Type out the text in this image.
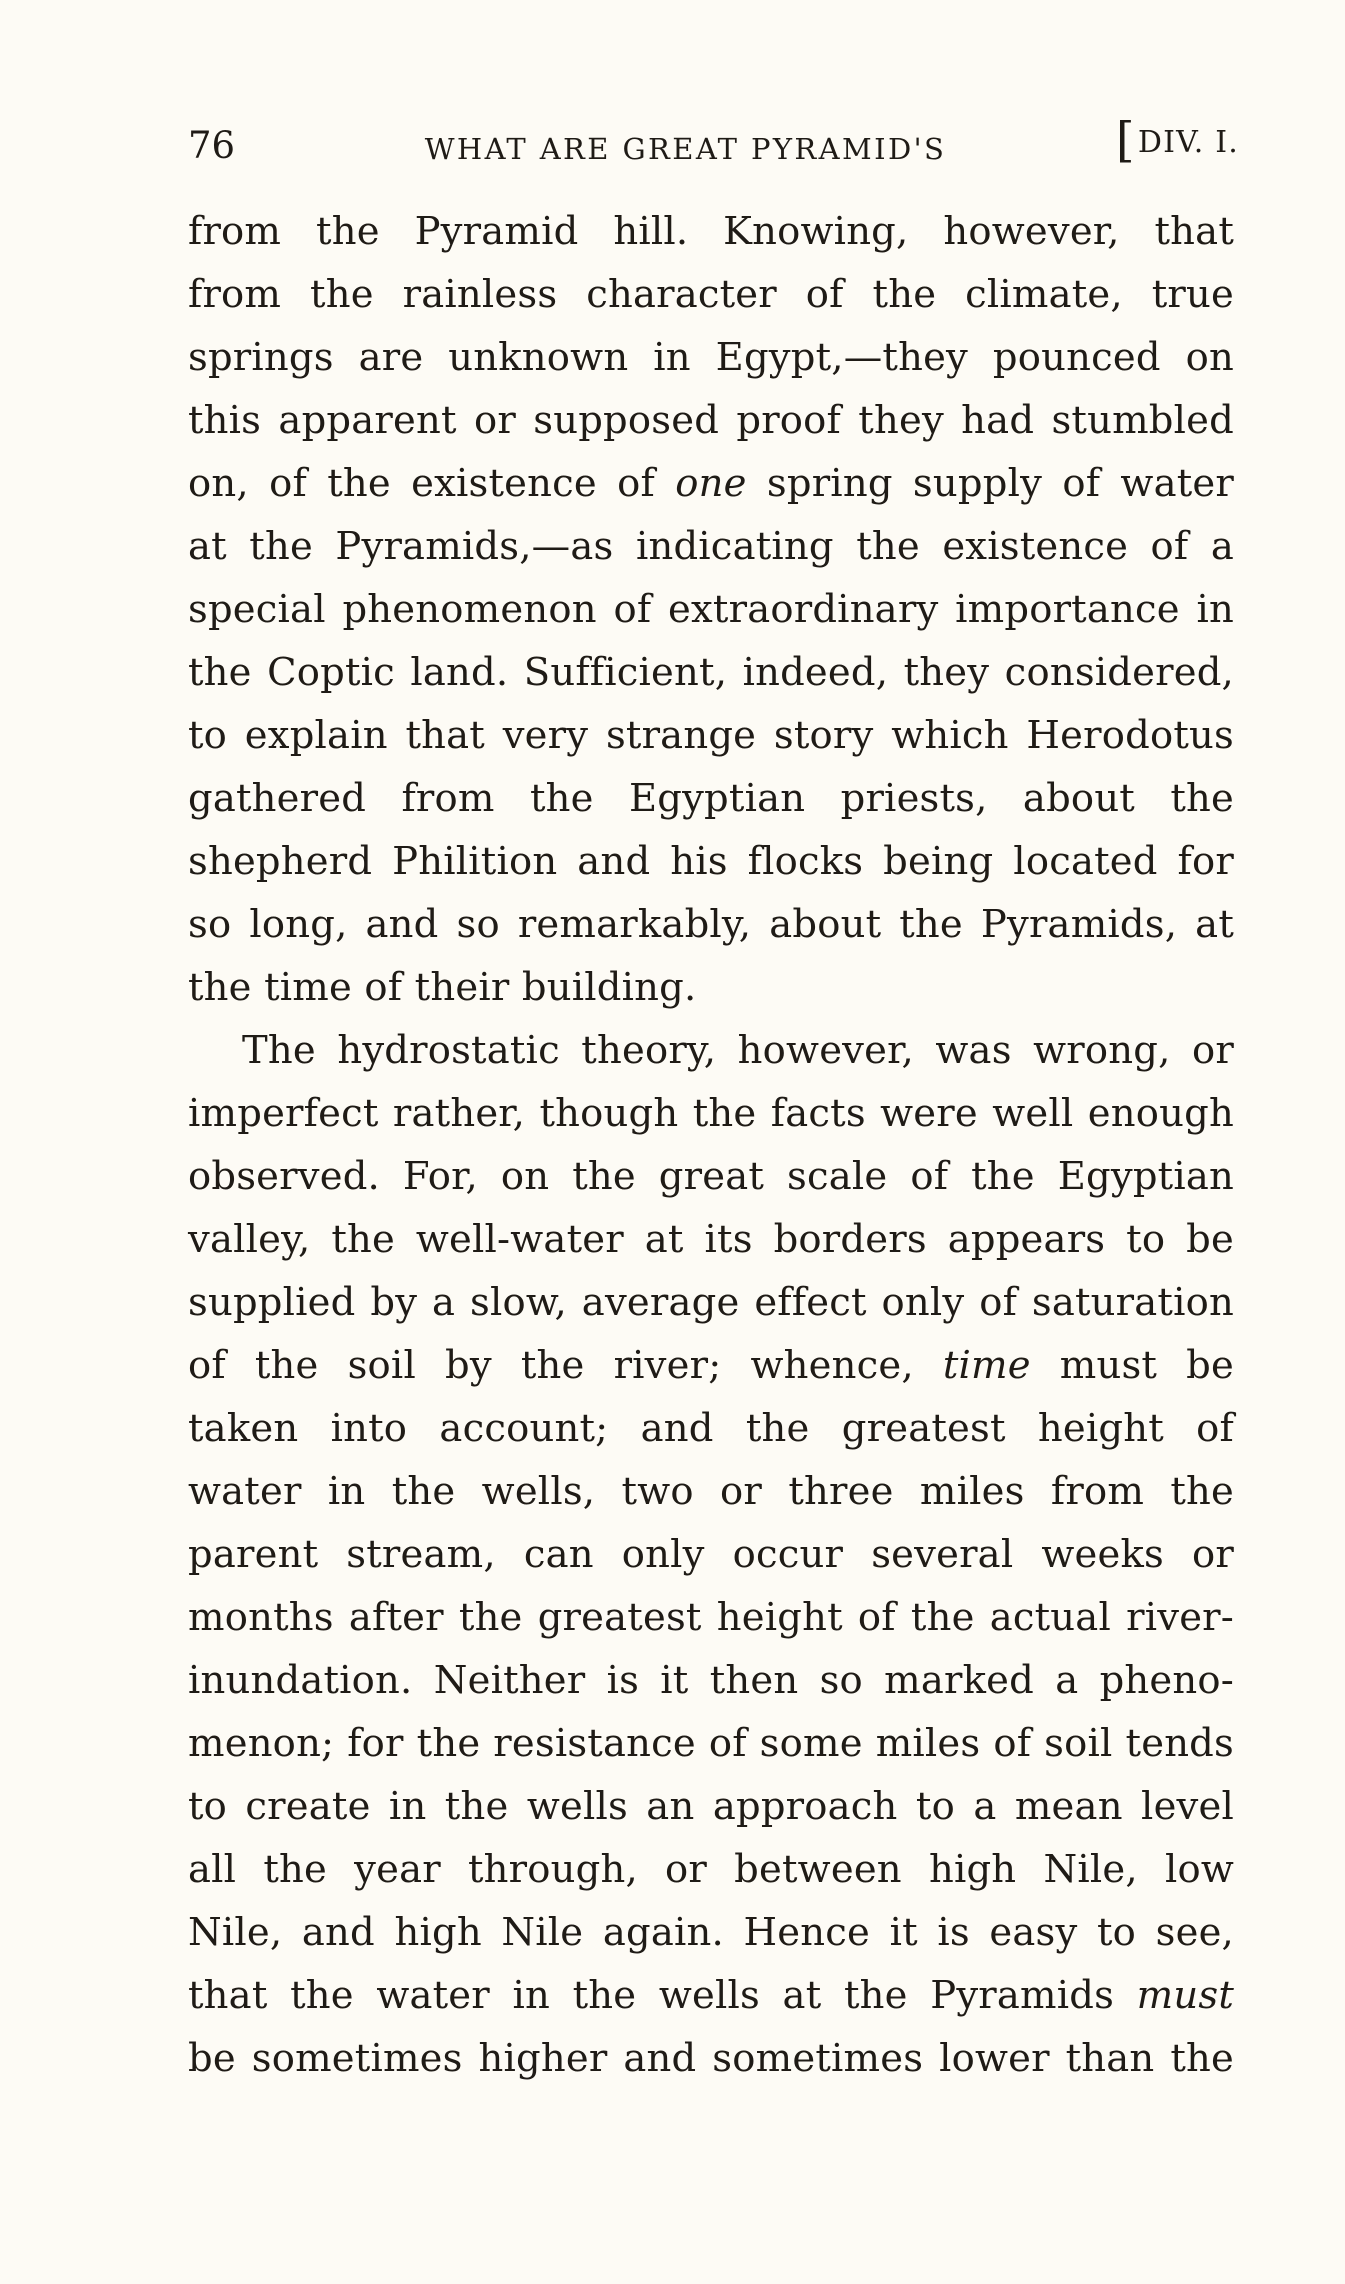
76	WHAT ARE GREAT PYRAMID'S	[DIV. I.
from the Pyramid hill. Knowing, however, that
from the rainless character of the climate, true
springs are unknown in Egypt,—they pounced on
this apparent or supposed proof they had stumbled
on, of the existence of one spring supply of water
at the Pyramids,—as indicating the existence of a
special phenomenon of extraordinary importance in
the Coptic land. Sufficient, indeed, they considered,
to explain that very strange story which Herodotus
gathered from the Egyptian priests, about the
shepherd Philition and his flocks being located for
so long, and so remarkably, about the Pyramids, at
the time of their building.
The hydrostatic theory, however, was wrong, or
imperfect rather, though the facts were well enough
observed. For, on the great scale of the Egyptian
valley, the well-water at its borders appears to be
supplied by a slow, average effect only of saturation
of the soil by the river; whence, time must be
taken into account; and the greatest height of
water in the wells, two or three miles from the
parent stream, can only occur several weeks or
months after the greatest height of the actual river-
inundation. Neither is it then so marked a pheno-
menon; for the resistance of some miles of soil tends
to create in the wells an approach to a mean level
all the year through, or between high Nile, low
Nile, and high Nile again. Hence it is easy to see,
that the water in the wells at the Pyramids must
be sometimes higher and sometimes lower than the
